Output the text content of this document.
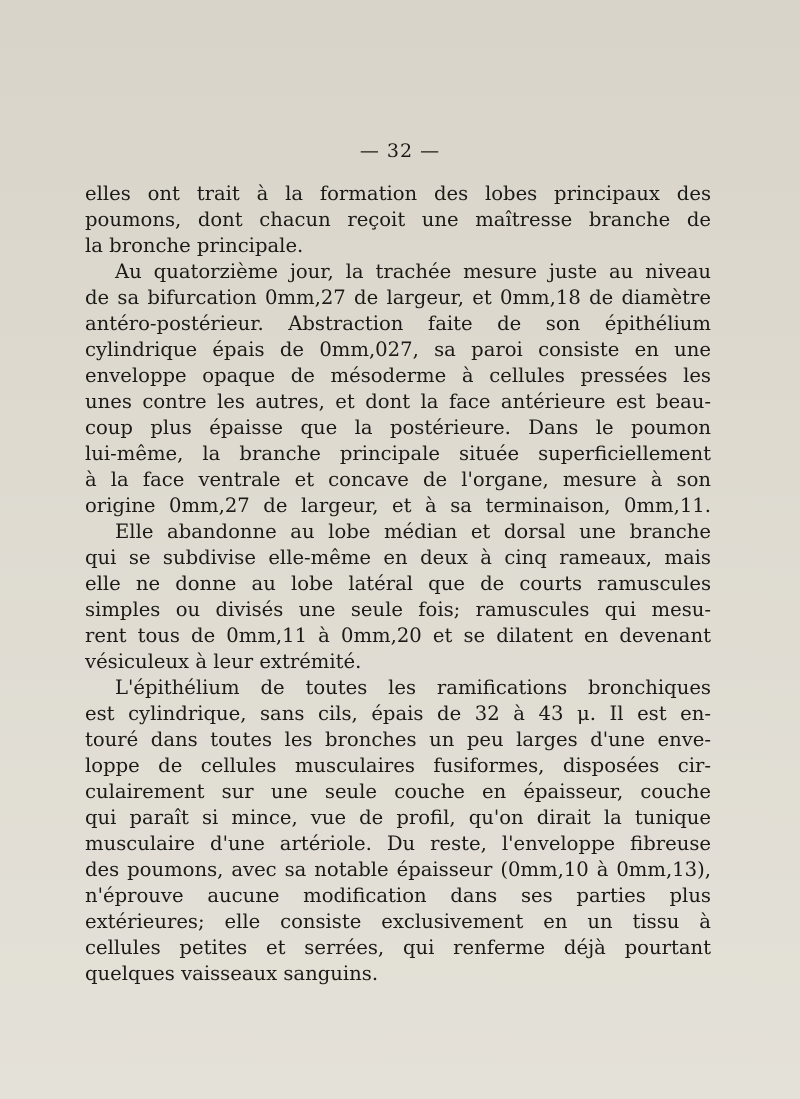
— 32 —

elles ont trait à la formation des lobes principaux des

poumons, dont chacun reçoit une maîtresse branche de

la bronche principale.

Au quatorzième jour, la trachée mesure juste au niveau

de sa bifurcation 0mm,27 de largeur, et 0mm,18 de diamètre

antéro-postérieur. Abstraction faite de son épithélium

cylindrique épais de 0mm,027, sa paroi consiste en une

enveloppe opaque de mésoderme à cellules pressées les

unes contre les autres, et dont la face antérieure est beau-

coup plus épaisse que la postérieure. Dans le poumon

lui-même, la branche principale située superficiellement

à la face ventrale et concave de l'organe, mesure à son

origine 0mm,27 de largeur, et à sa terminaison, 0mm,11.

Elle abandonne au lobe médian et dorsal une branche

qui se subdivise elle-même en deux à cinq rameaux, mais

elle ne donne au lobe latéral que de courts ramuscules

simples ou divisés une seule fois; ramuscules qui mesu-

rent tous de 0mm,11 à 0mm,20 et se dilatent en devenant

vésiculeux à leur extrémité.

L'épithélium de toutes les ramifications bronchiques

est cylindrique, sans cils, épais de 32 à 43 μ. Il est en-

touré dans toutes les bronches un peu larges d'une enve-

loppe de cellules musculaires fusiformes, disposées cir-

culairement sur une seule couche en épaisseur, couche

qui paraît si mince, vue de profil, qu'on dirait la tunique

musculaire d'une artériole. Du reste, l'enveloppe fibreuse

des poumons, avec sa notable épaisseur (0mm,10 à 0mm,13),

n'éprouve aucune modification dans ses parties plus

extérieures; elle consiste exclusivement en un tissu à

cellules petites et serrées, qui renferme déjà pourtant

quelques vaisseaux sanguins.
